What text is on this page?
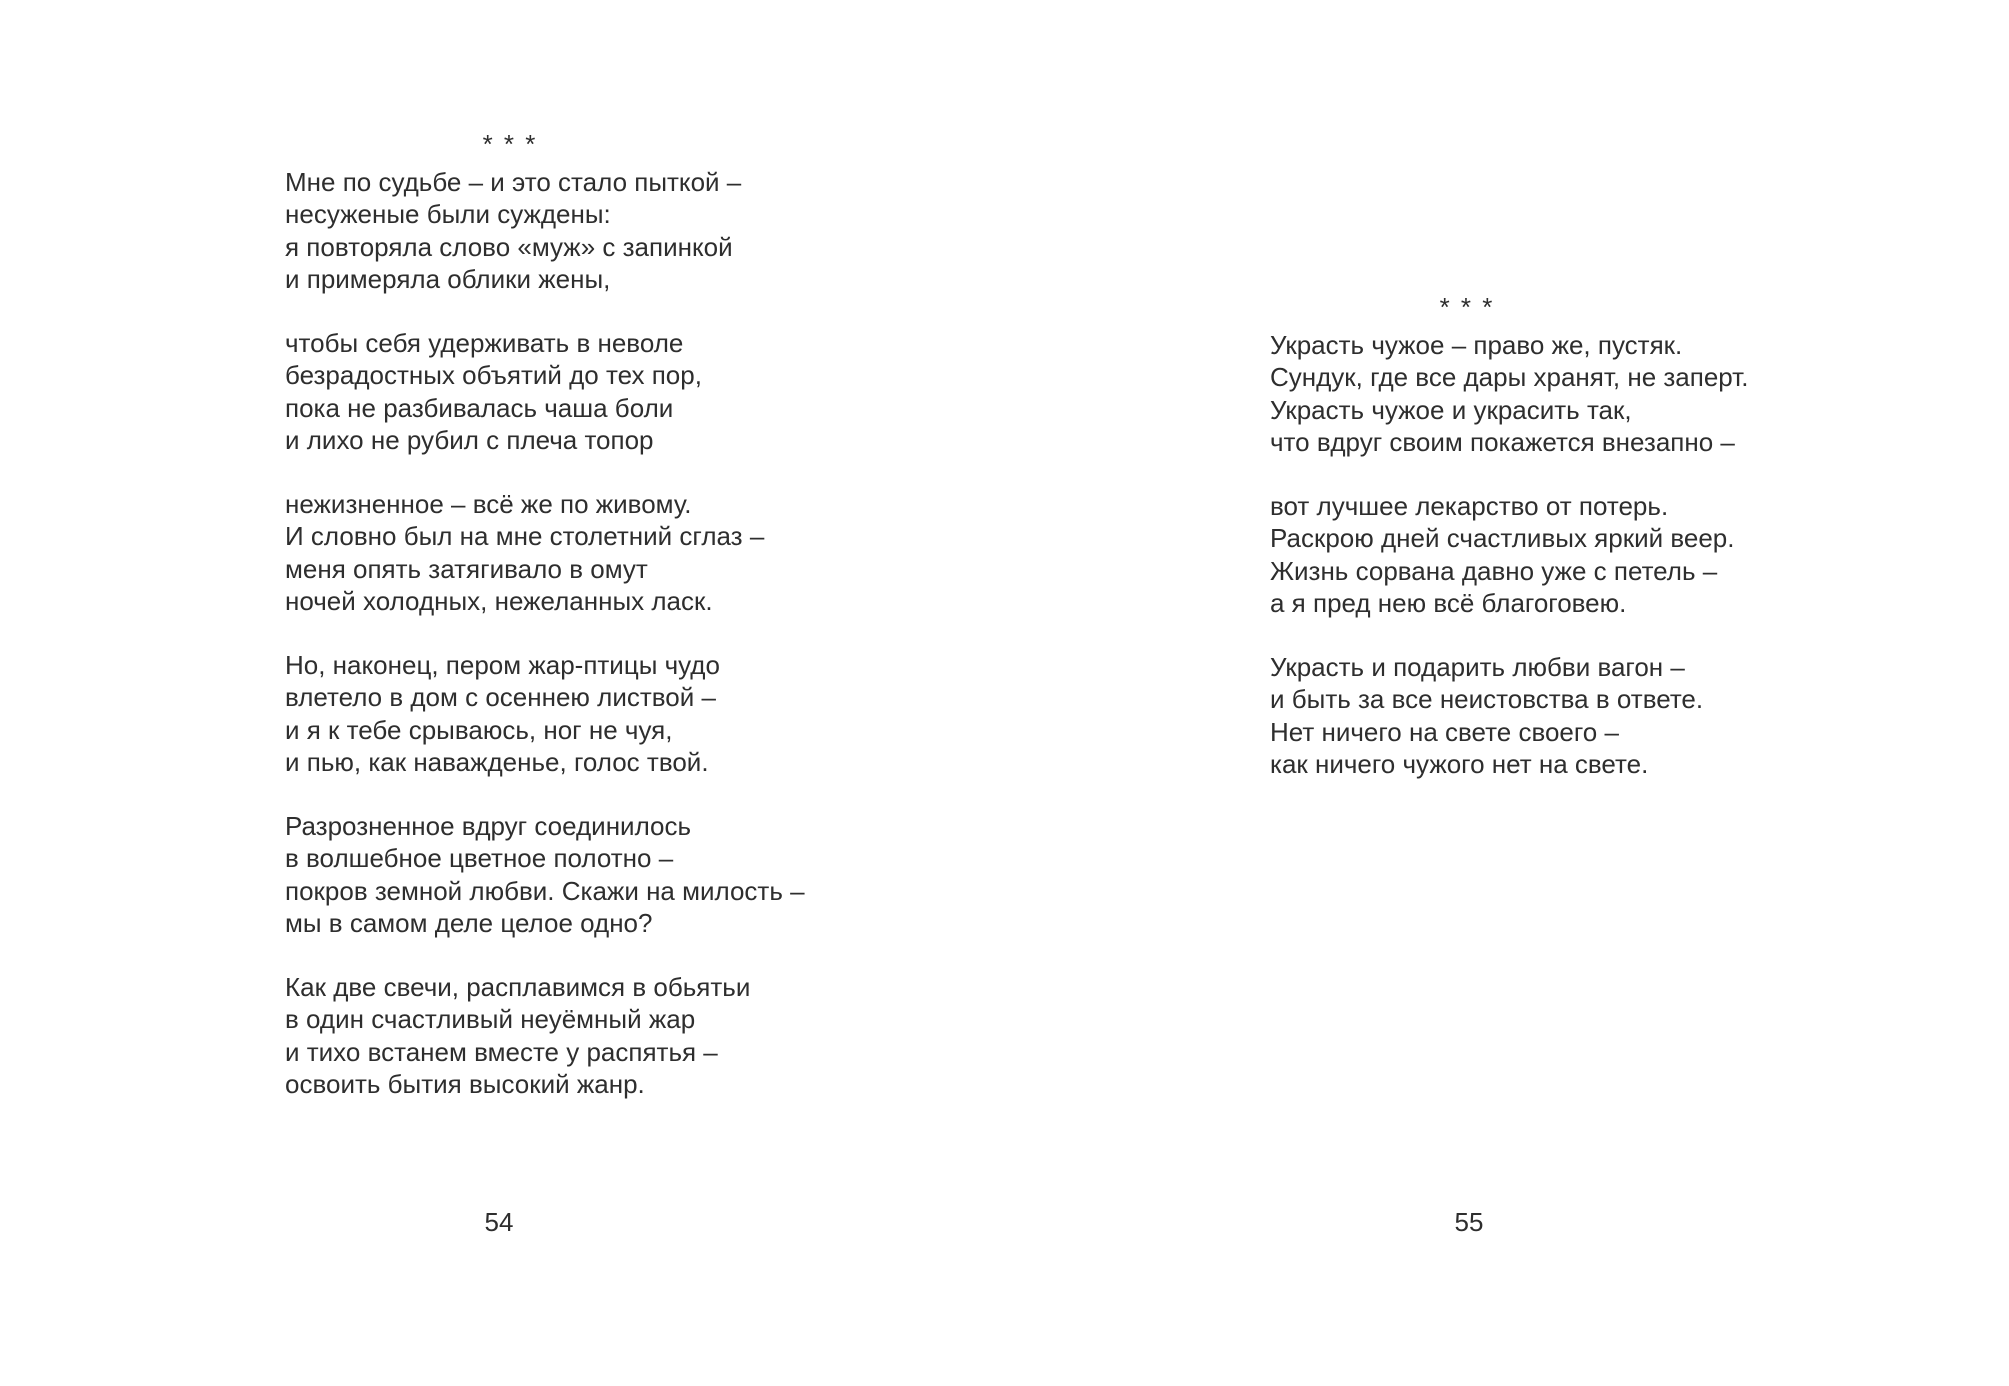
* * *
Мне по судьбе – и это стало пыткой –
несуженые были суждены:
я повторяла слово «муж» с запинкой
и примеряла облики жены,
чтобы себя удерживать в неволе
безрадостных объятий до тех пор,
пока не разбивалась чаша боли
и лихо не рубил с плеча топор
нежизненное – всё же по живому.
И словно был на мне столетний сглаз –
меня опять затягивало в омут
ночей холодных, нежеланных ласк.
Но, наконец, пером жар-птицы чудо
влетело в дом с осеннею листвой –
и я к тебе срываюсь, ног не чуя,
и пью, как наважденье, голос твой.
Разрозненное вдруг соединилось
в волшебное цветное полотно –
покров земной любви. Скажи на милость –
мы в самом деле целое одно?
Как две свечи, расплавимся в обьятьи
в один счастливый неуёмный жар
и тихо встанем вместе у распятья –
освоить бытия высокий жанр.
* * *
Украсть чужое – право же, пустяк.
Сундук, где все дары хранят, не заперт.
Украсть чужое и украсить так,
что вдруг своим покажется внезапно –
вот лучшее лекарство от потерь.
Раскрою дней счастливых яркий веер.
Жизнь сорвана давно уже с петель –
а я пред нею всё благоговею.
Украсть и подарить любви вагон –
и быть за все неистовства в ответе.
Нет ничего на свете своего –
как ничего чужого нет на свете.
54	55
